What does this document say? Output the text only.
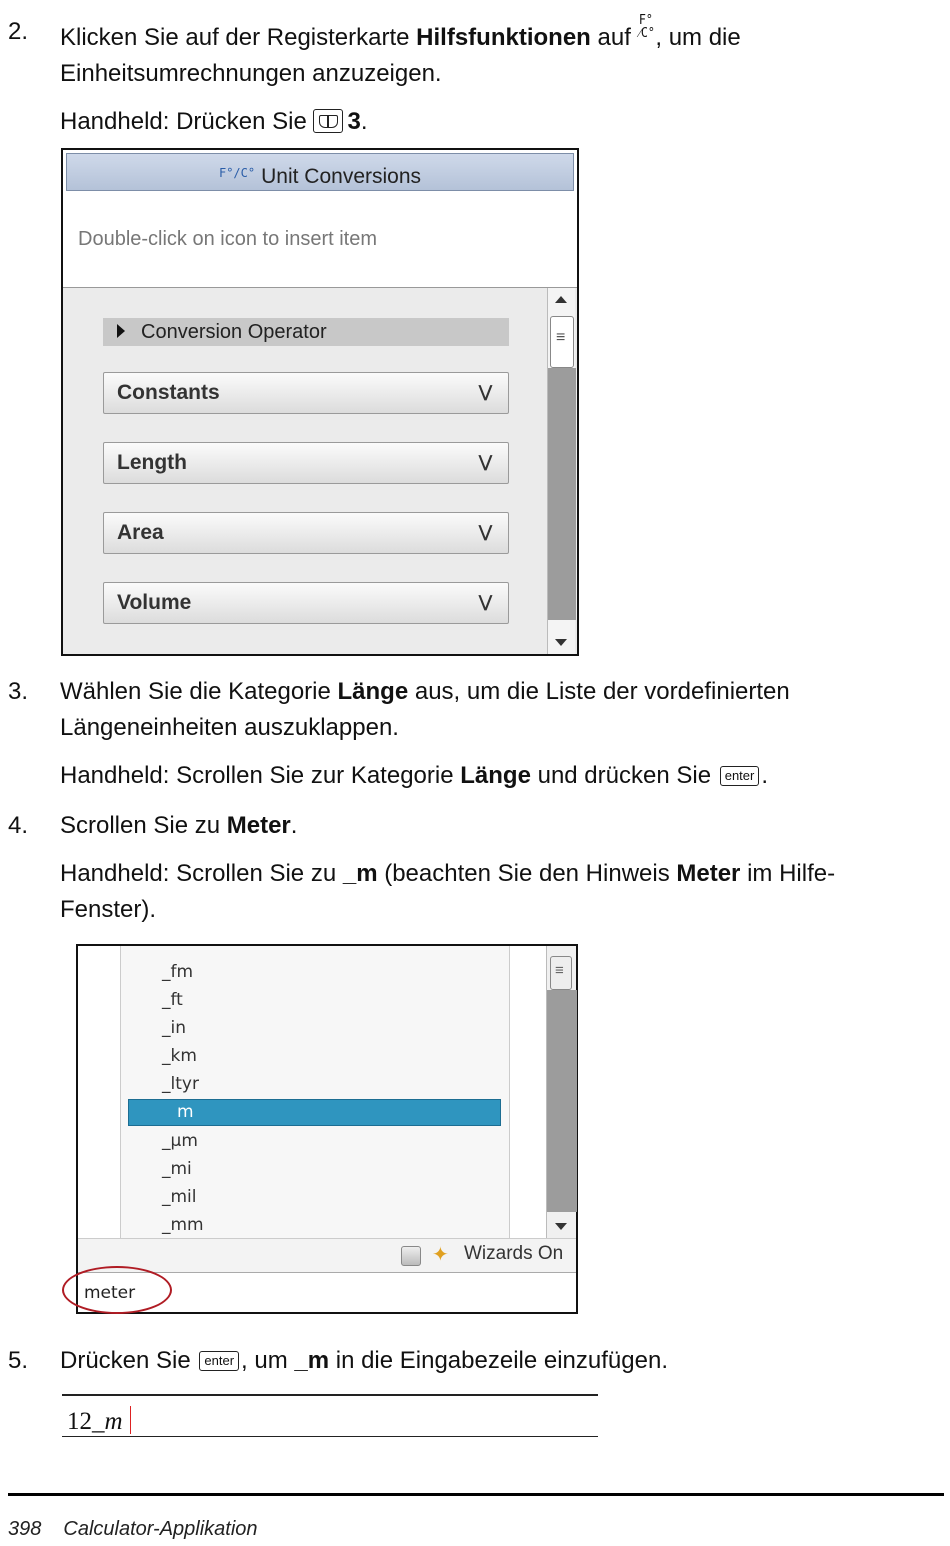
2. Klicken Sie auf der Registerkarte Hilfsfunktionen auf F°
⁄C°, um die
Einheitsumrechnungen anzuzeigen.
Handheld: Drücken Sie 3.
$^{F^\circ/C^\circ}$ Unit Conversions
Double-click on icon to insert item
Conversion Operator
Constants	⋁
Length	⋁
Area	⋁
Volume	⋁
≡
3. Wählen Sie die Kategorie Länge aus, um die Liste der vordefinierten
Längeneinheiten auszuklappen.
Handheld: Scrollen Sie zur Kategorie Länge und drücken Sie enter .
4. Scrollen Sie zu Meter.
Handheld: Scrollen Sie zu _m (beachten Sie den Hinweis Meter im Hilfe-
Fenster).
_fm
_ft
_in
_km
_ltyr
m
_µm
_mi
_mil
_mm
≡
✦ Wizards On
meter
5. Drücken Sie enter , um _m in die Eingabezeile einzufügen.
12_m
398 Calculator-Applikation
